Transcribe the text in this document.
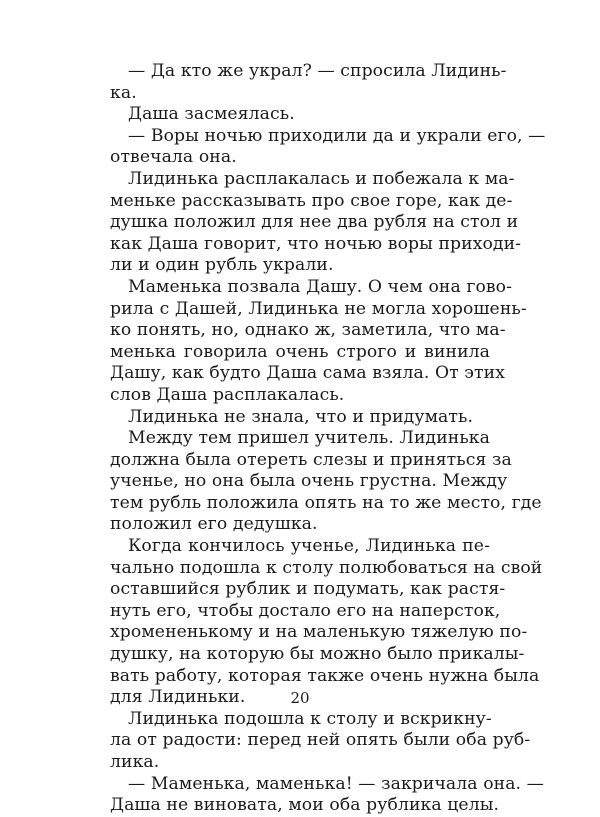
— Да кто же украл? — спросила Лидинь-
ка.
Даша засмеялась.
— Воры ночью приходили да и украли его, —
отвечала она.
Лидинька расплакалась и побежала к ма-
меньке рассказывать про свое горе, как де-
душка положил для нее два рубля на стол и
как Даша говорит, что ночью воры приходи-
ли и один рубль украли.
Маменька позвала Дашу. О чем она гово-
рила с Дашей, Лидинька не могла хорошень-
ко понять, но, однако ж, заметила, что ма-
менька говорила очень строго и винила
Дашу, как будто Даша сама взяла. От этих
слов Даша расплакалась.
Лидинька не знала, что и придумать.
Между тем пришел учитель. Лидинька
должна была отереть слезы и приняться за
ученье, но она была очень грустна. Между
тем рубль положила опять на то же место, где
положил его дедушка.
Когда кончилось ученье, Лидинька пе-
чально подошла к столу полюбоваться на свой
оставшийся рублик и подумать, как растя-
нуть его, чтобы достало его на наперсток,
хромененькому и на маленькую тяжелую по-
душку, на которую бы можно было прикалы-
вать работу, которая также очень нужна была
для Лидиньки.
Лидинька подошла к столу и вскрикну-
ла от радости: перед ней опять были оба руб-
лика.
— Маменька, маменька! — закричала она. —
Даша не виновата, мои оба рублика целы.
20
